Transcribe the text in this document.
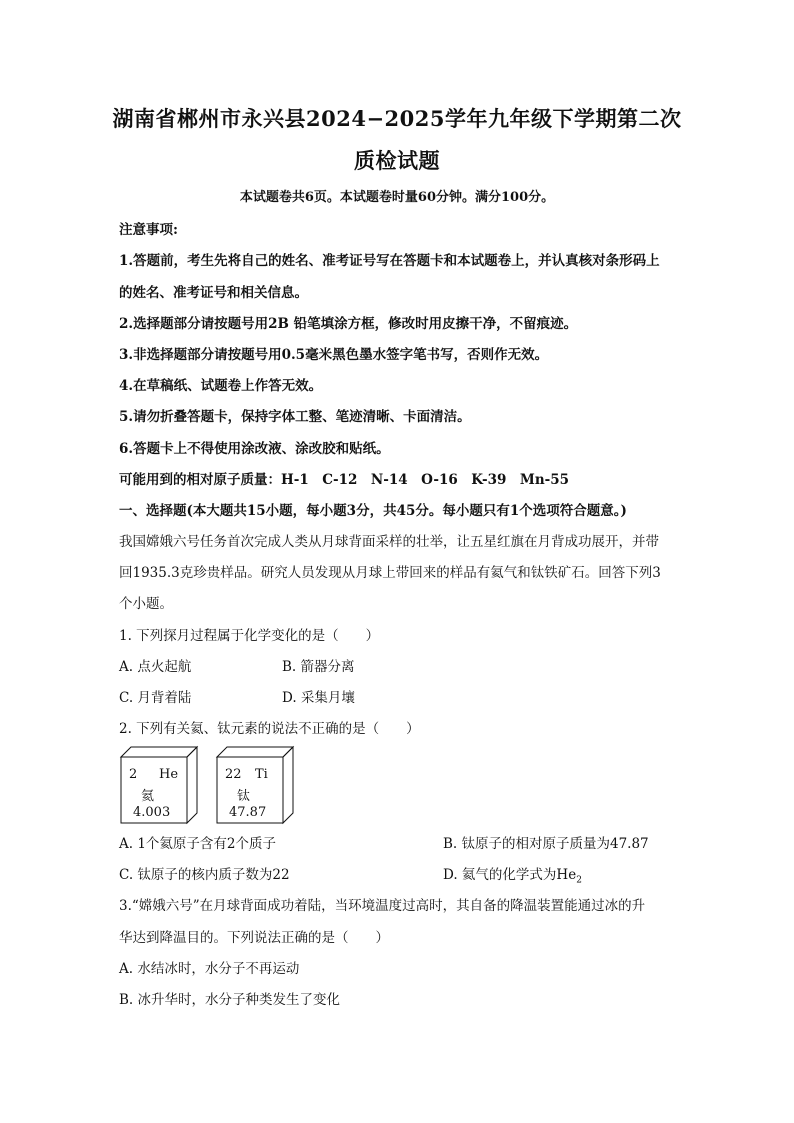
湖南省郴州市永兴县2024−2025学年九年级下学期第二次
质检试题
本试题卷共6页。本试题卷时量60分钟。满分100分。
注意事项:
1.答题前，考生先将自己的姓名、准考证号写在答题卡和本试题卷上，并认真核对条形码上
的姓名、准考证号和相关信息。
2.选择题部分请按题号用2B 铅笔填涂方框，修改时用皮擦干净，不留痕迹。
3.非选择题部分请按题号用0.5毫米黑色墨水签字笔书写，否则作无效。
4.在草稿纸、试题卷上作答无效。
5.请勿折叠答题卡，保持字体工整、笔迹清晰、卡面清洁。
6.答题卡上不得使用涂改液、涂改胶和贴纸。
可能用到的相对原子质量：H-1　C-12　N-14　O-16　K-39　Mn-55
一、选择题(本大题共15小题，每小题3分，共45分。每小题只有1个选项符合题意。)
我国嫦娥六号任务首次完成人类从月球背面采样的壮举，让五星红旗在月背成功展开，并带
回1935.3克珍贵样品。研究人员发现从月球上带回来的样品有氦气和钛铁矿石。回答下列3
个小题。
1. 下列探月过程属于化学变化的是（　　）
A. 点火起航	B. 箭器分离
C. 月背着陆	D. 采集月壤
2. 下列有关氦、钛元素的说法不正确的是（　　）
2 He
氦
4.003
22 Ti
钛
47.87
A. 1个氦原子含有2个质子	B. 钛原子的相对原子质量为47.87
C. 钛原子的核内质子数为22	D. 氦气的化学式为$He_2$
3.“嫦娥六号”在月球背面成功着陆，当环境温度过高时，其自备的降温装置能通过冰的升
华达到降温目的。下列说法正确的是（　　）
A. 水结冰时，水分子不再运动
B. 冰升华时，水分子种类发生了变化
